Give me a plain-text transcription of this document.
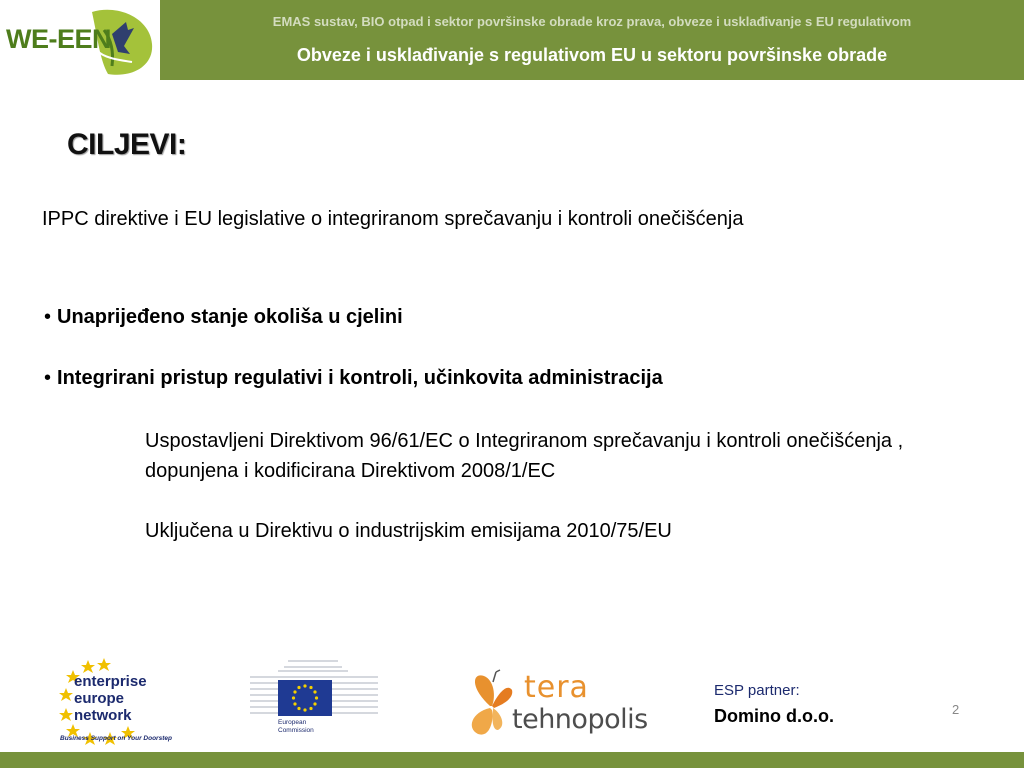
WE-EEN
EMAS sustav, BIO otpad i sektor površinske obrade kroz prava, obveze i usklađivanje s EU regulativom
Obveze i usklađivanje s regulativom EU u sektoru površinske obrade
CILJEVI:
IPPC direktive i EU legislative o integriranom sprečavanju i kontroli onečišćenja
• Unaprijeđeno stanje okoliša u cjelini
• Integrirani pristup regulativi i kontroli, učinkovita administracija
Uspostavljeni Direktivom 96/61/EC o Integriranom sprečavanju i kontroli onečišćenja , dopunjena i kodificirana Direktivom 2008/1/EC
Uključena u Direktivu o industrijskim emisijama 2010/75/EU
enterprise
europe
network
Business Support on Your Doorstep
European
Commission
tera
tehnopolis
ESP partner:
Domino d.o.o.	2
